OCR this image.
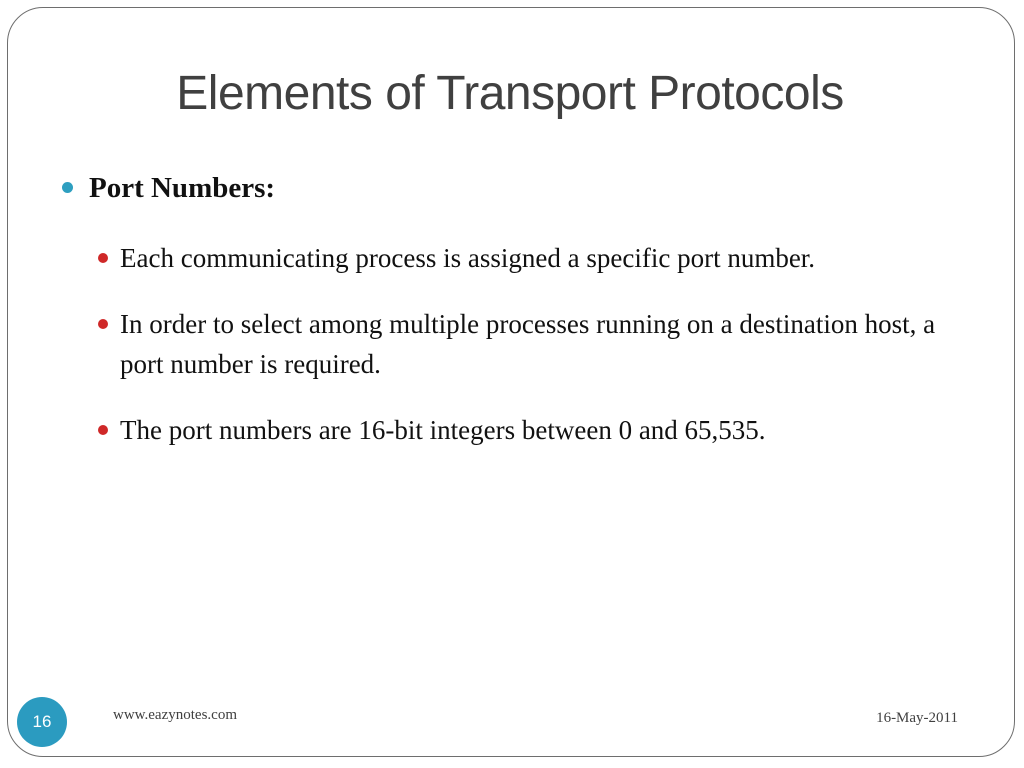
Elements of Transport Protocols
Port Numbers:
Each communicating process is assigned a specific port number.
In order to select among multiple processes running on a destination host, a port number is required.
The port numbers are 16-bit integers between 0 and 65,535.
16	www.eazynotes.com	16-May-2011
